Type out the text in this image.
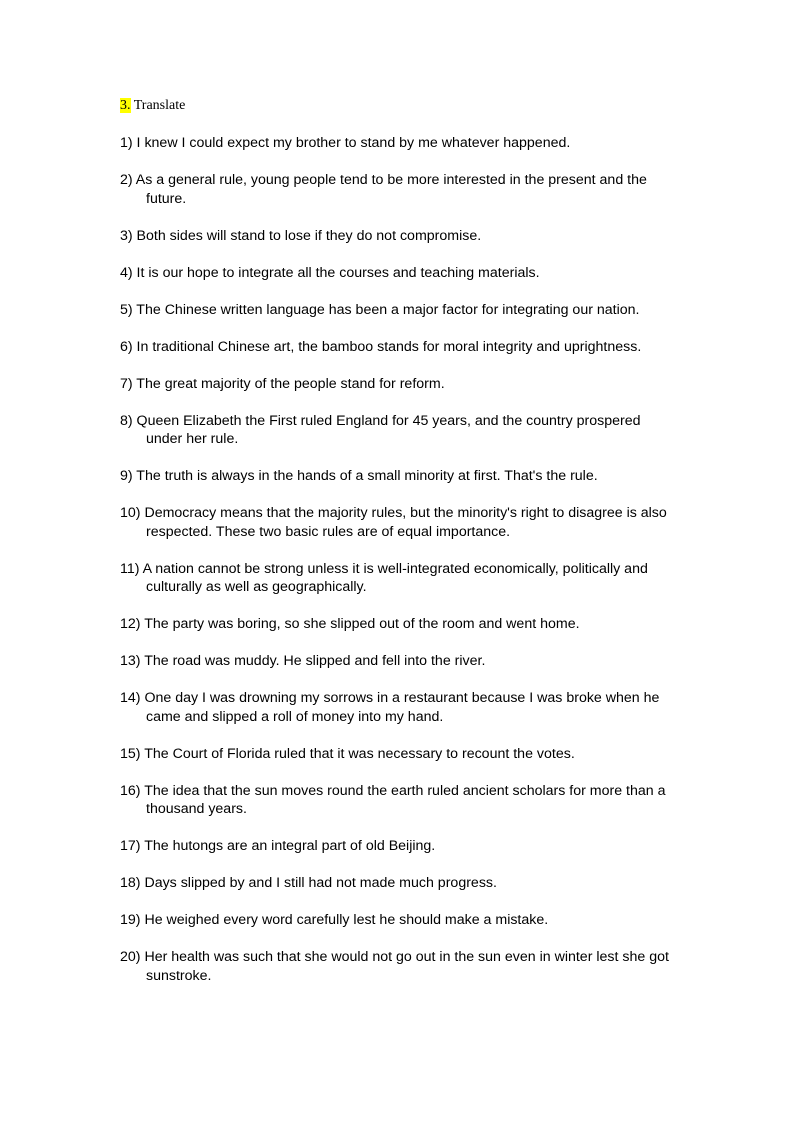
3. Translate
1) I knew I could expect my brother to stand by me whatever happened.
2) As a general rule, young people tend to be more interested in the present and the future.
3) Both sides will stand to lose if they do not compromise.
4) It is our hope to integrate all the courses and teaching materials.
5) The Chinese written language has been a major factor for integrating our nation.
6) In traditional Chinese art, the bamboo stands for moral integrity and uprightness.
7) The great majority of the people stand for reform.
8) Queen Elizabeth the First ruled England for 45 years, and the country prospered under her rule.
9) The truth is always in the hands of a small minority at first. That's the rule.
10) Democracy means that the majority rules, but the minority's right to disagree is also respected. These two basic rules are of equal importance.
11) A nation cannot be strong unless it is well-integrated economically, politically and culturally as well as geographically.
12) The party was boring, so she slipped out of the room and went home.
13) The road was muddy. He slipped and fell into the river.
14) One day I was drowning my sorrows in a restaurant because I was broke when he came and slipped a roll of money into my hand.
15) The Court of Florida ruled that it was necessary to recount the votes.
16) The idea that the sun moves round the earth ruled ancient scholars for more than a thousand years.
17) The hutongs are an integral part of old Beijing.
18) Days slipped by and I still had not made much progress.
19) He weighed every word carefully lest he should make a mistake.
20) Her health was such that she would not go out in the sun even in winter lest she got sunstroke.
